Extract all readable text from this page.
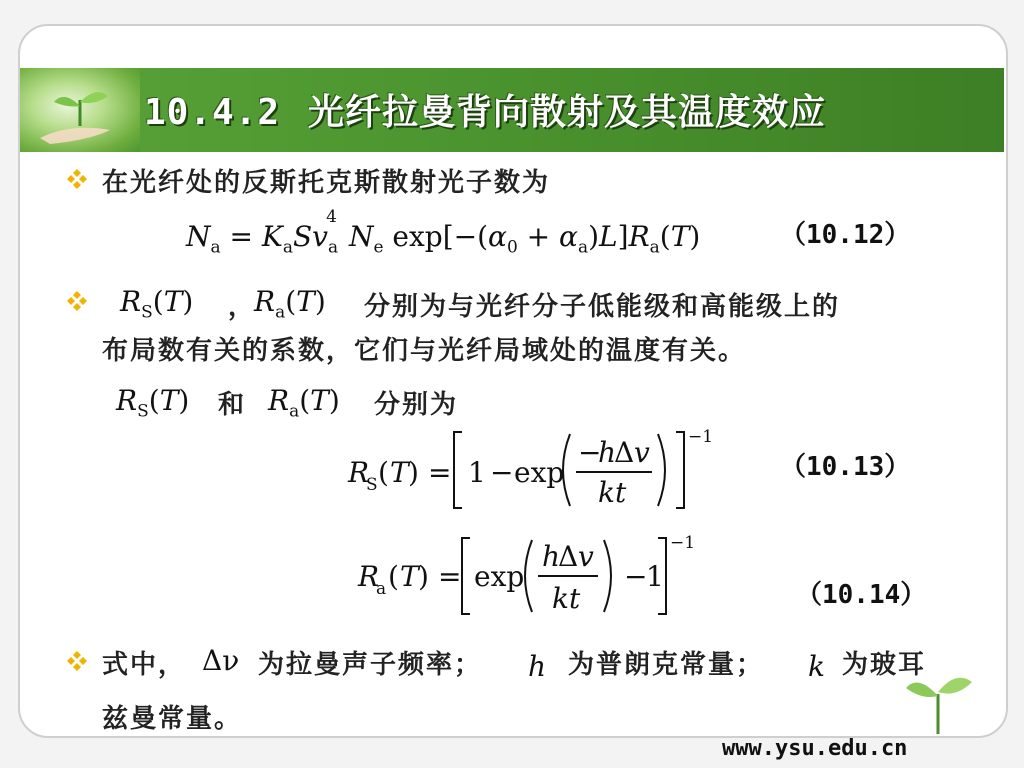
10.4.2 光纤拉曼背向散射及其温度效应
在光纤处的反斯托克斯散射光子数为
$N_a = K_aSv_a^4N_e$ $\exp[-(\alpha_0 + \alpha_a)L]R_a(T)$	（10.12）
$R_S(T)$ ，
$R_a(T)$ 分别为与光纤分子低能级和高能级上的
布局数有关的系数，它们与光纤局域处的温度有关。
$R_S(T)$ 和 $R_a(T)$ 分别为
R
S ( T ) = 1 − exp
−
h
Δ v
kt
−1
（10.13）
R
a ( T ) = exp
h
Δ v
kt
−
1
−1
（10.14）
式中， Δν 为拉曼声子频率； h 为普朗克常量； k 为玻耳
兹曼常量。
www.ysu.edu.cn
